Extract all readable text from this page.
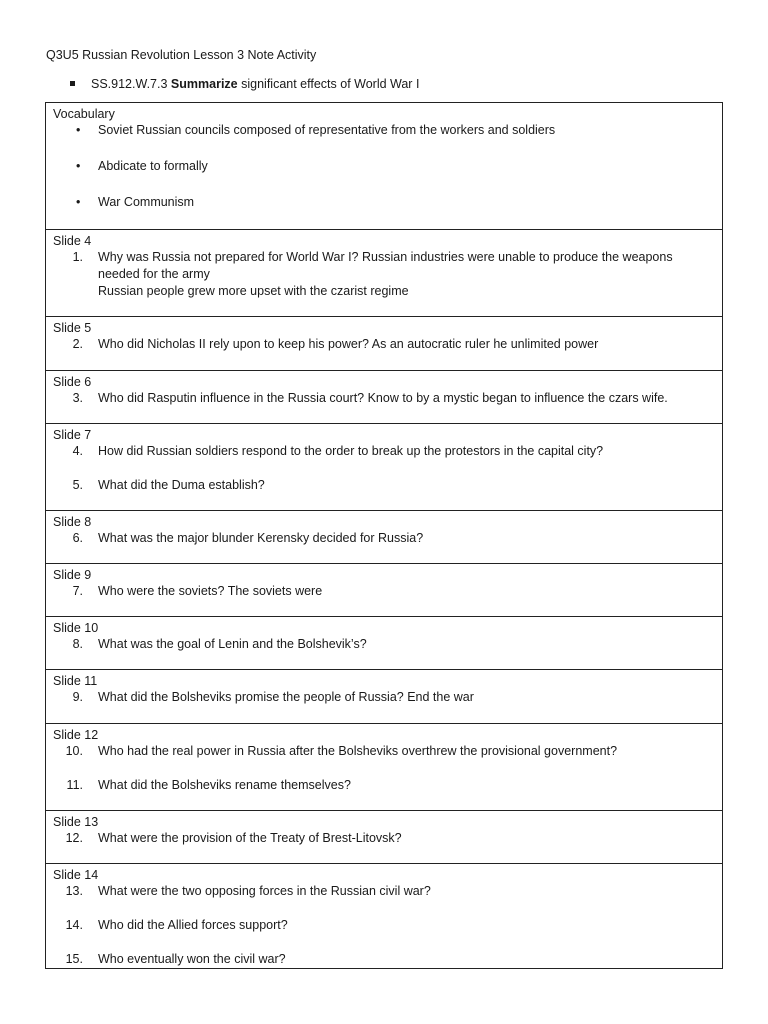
Q3U5 Russian Revolution Lesson 3 Note Activity
SS.912.W.7.3 Summarize significant effects of World War I
Vocabulary
• Soviet Russian councils composed of representative from the workers and soldiers
• Abdicate to formally
• War Communism
Slide 4
1. Why was Russia not prepared for World War I? Russian industries were unable to produce the weapons
needed for the army
Russian people grew more upset with the czarist regime
Slide 5
2. Who did Nicholas II rely upon to keep his power? As an autocratic ruler he unlimited power
Slide 6
3. Who did Rasputin influence in the Russia court? Know to by a mystic began to influence the czars wife.
Slide 7
4. How did Russian soldiers respond to the order to break up the protestors in the capital city?
5. What did the Duma establish?
Slide 8
6. What was the major blunder Kerensky decided for Russia?
Slide 9
7. Who were the soviets? The soviets were
Slide 10
8. What was the goal of Lenin and the Bolshevik’s?
Slide 11
9. What did the Bolsheviks promise the people of Russia? End the war
Slide 12
10. Who had the real power in Russia after the Bolsheviks overthrew the provisional government?
11. What did the Bolsheviks rename themselves?
Slide 13
12. What were the provision of the Treaty of Brest-Litovsk?
Slide 14
13. What were the two opposing forces in the Russian civil war?
14. Who did the Allied forces support?
15. Who eventually won the civil war?
